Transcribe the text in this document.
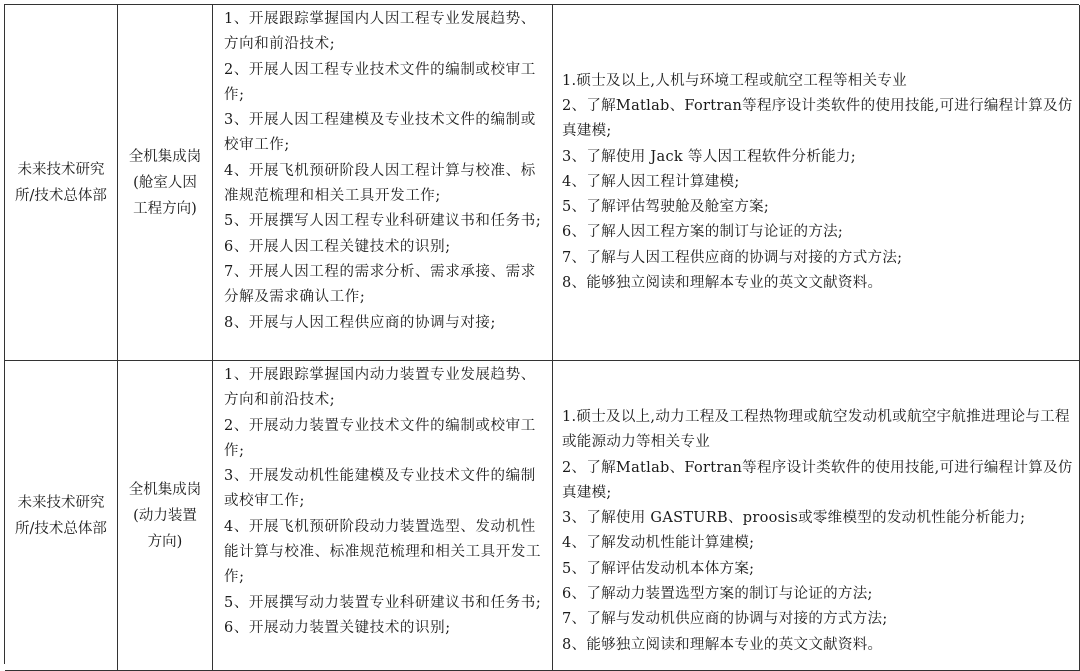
未来技术研究所/技术总体部
全机集成岗(舱室人因工程方向)
1、开展跟踪掌握国内人因工程专业发展趋势、方向和前沿技术;
2、开展人因工程专业技术文件的编制或校审工作;
3、开展人因工程建模及专业技术文件的编制或校审工作;
4、开展飞机预研阶段人因工程计算与校准、标准规范梳理和相关工具开发工作;
5、开展撰写人因工程专业科研建议书和任务书;
6、开展人因工程关键技术的识别;
7、开展人因工程的需求分析、需求承接、需求分解及需求确认工作;
8、开展与人因工程供应商的协调与对接;
1.硕士及以上,人机与环境工程或航空工程等相关专业
2、了解Matlab、Fortran等程序设计类软件的使用技能,可进行编程计算及仿真建模;
3、了解使用 Jack 等人因工程软件分析能力;
4、了解人因工程计算建模;
5、了解评估驾驶舱及舱室方案;
6、了解人因工程方案的制订与论证的方法;
7、了解与人因工程供应商的协调与对接的方式方法;
8、能够独立阅读和理解本专业的英文文献资料。
未来技术研究所/技术总体部
全机集成岗(动力装置方向)
1、开展跟踪掌握国内动力装置专业发展趋势、方向和前沿技术;
2、开展动力装置专业技术文件的编制或校审工作;
3、开展发动机性能建模及专业技术文件的编制或校审工作;
4、开展飞机预研阶段动力装置选型、发动机性能计算与校准、标准规范梳理和相关工具开发工作;
5、开展撰写动力装置专业科研建议书和任务书;
6、开展动力装置关键技术的识别;
1.硕士及以上,动力工程及工程热物理或航空发动机或航空宇航推进理论与工程或能源动力等相关专业
2、了解Matlab、Fortran等程序设计类软件的使用技能,可进行编程计算及仿真建模;
3、了解使用 GASTURB、proosis或零维模型的发动机性能分析能力;
4、了解发动机性能计算建模;
5、了解评估发动机本体方案;
6、了解动力装置选型方案的制订与论证的方法;
7、了解与发动机供应商的协调与对接的方式方法;
8、能够独立阅读和理解本专业的英文文献资料。
